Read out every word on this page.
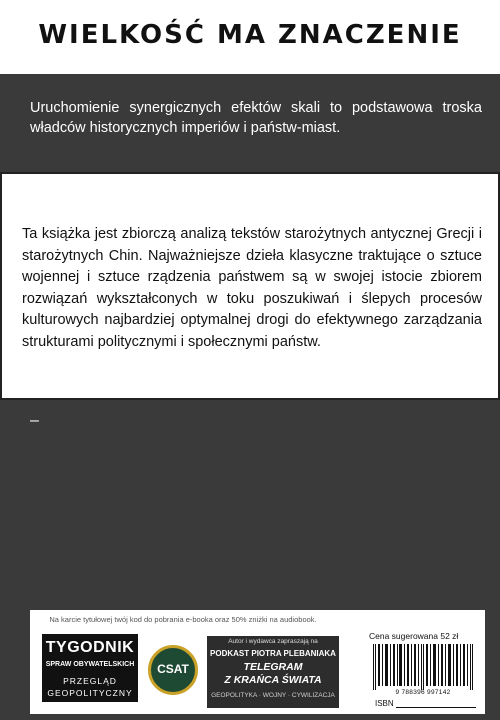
WIELKOŚĆ MA ZNACZENIE
Uruchomienie synergicznych efektów skali to podstawowa troska władców historycznych imperiów i państw-miast.
Ta książka jest zbiorczą analizą tekstów starożytnych antycznej Grecji i starożytnych Chin. Najważniejsze dzieła klasyczne traktujące o sztuce wojennej i sztuce rządzenia państwem są w swojej istocie zbiorem rozwiązań wykształconych w toku poszukiwań i ślepych procesów kulturowych najbardziej optymalnej drogi do efektywnego zarządzania strukturami politycznymi i społecznymi państw.
–
Na karcie tytułowej twój kod do pobrania e-booka oraz 50% zniżki na audiobook.
TYGODNIK
SPRAW OBYWATELSKICH
PRZEGLĄD
GEOPOLITYCZNY
CSAT
Autor i wydawca zapraszają na
PODKAST PIOTRA PLEBANIAKA
TELEGRAM
Z KRAŃCA ŚWIATA
GEOPOLITYKA · WOJNY · CYWILIZACJA
Cena sugerowana 52 zł
9 788396 997142
ISBN
